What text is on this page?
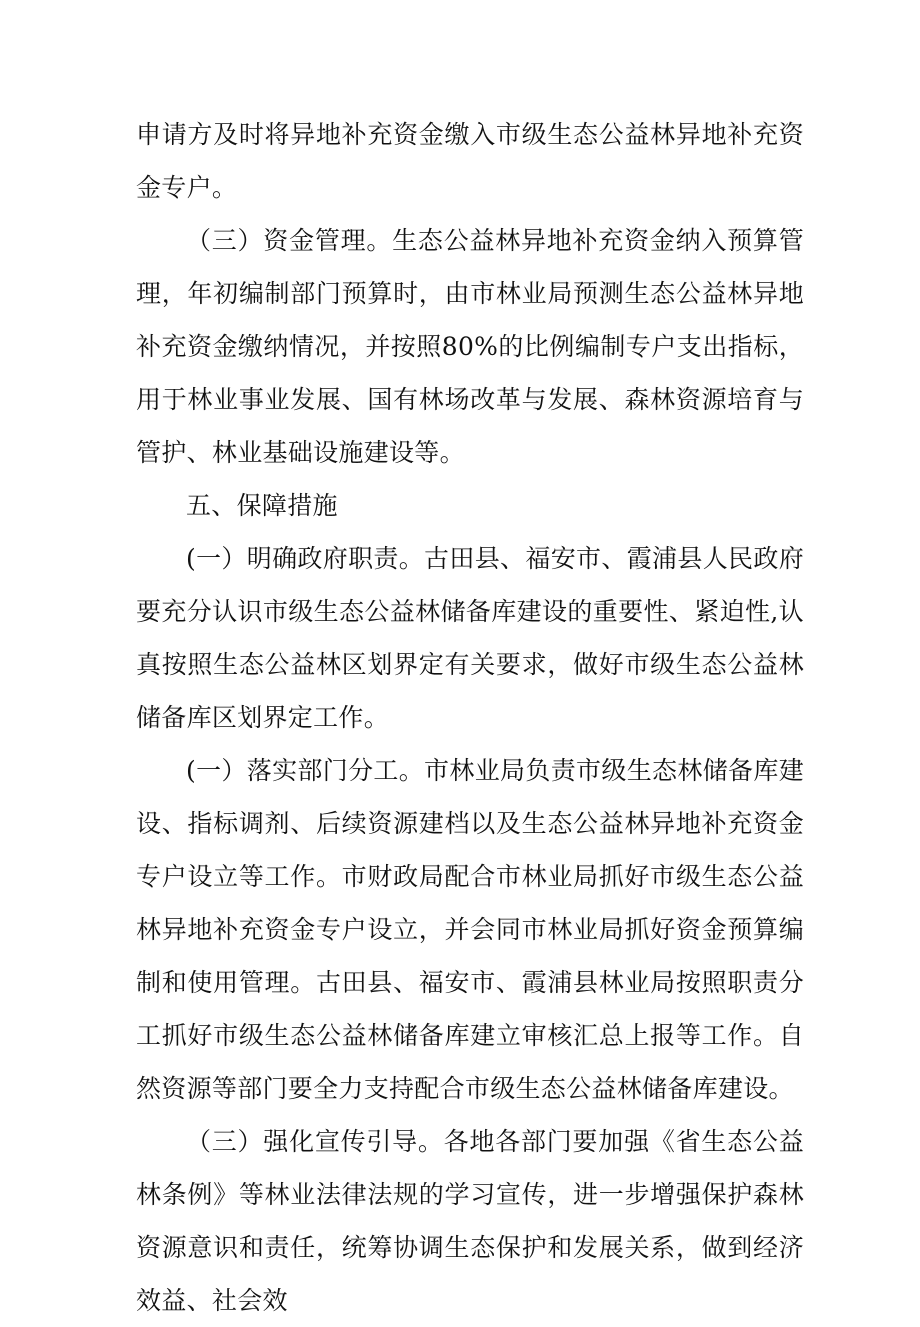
申请方及时将异地补充资金缴入市级生态公益林异地补充资金专户。

（三）资金管理。生态公益林异地补充资金纳入预算管理，年初编制部门预算时，由市林业局预测生态公益林异地补充资金缴纳情况，并按照80%的比例编制专户支出指标，用于林业事业发展、国有林场改革与发展、森林资源培育与管护、林业基础设施建设等。

五、保障措施

(一）明确政府职责。古田县、福安市、霞浦县人民政府要充分认识市级生态公益林储备库建设的重要性、紧迫性,认真按照生态公益林区划界定有关要求，做好市级生态公益林储备库区划界定工作。

(一）落实部门分工。市林业局负责市级生态林储备库建设、指标调剂、后续资源建档以及生态公益林异地补充资金专户设立等工作。市财政局配合市林业局抓好市级生态公益林异地补充资金专户设立，并会同市林业局抓好资金预算编制和使用管理。古田县、福安市、霞浦县林业局按照职责分工抓好市级生态公益林储备库建立审核汇总上报等工作。自然资源等部门要全力支持配合市级生态公益林储备库建设。

（三）强化宣传引导。各地各部门要加强《省生态公益林条例》等林业法律法规的学习宣传，进一步增强保护森林资源意识和责任，统筹协调生态保护和发展关系，做到经济效益、社会效
